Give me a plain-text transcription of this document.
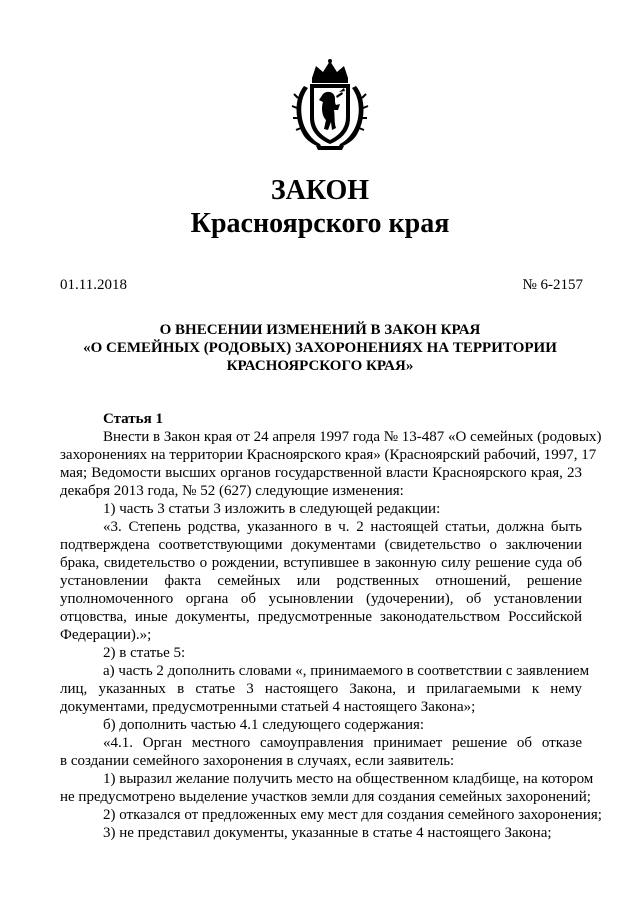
ЗАКОН
Красноярского края
01.11.2018	№ 6-2157
О ВНЕСЕНИИ ИЗМЕНЕНИЙ В ЗАКОН КРАЯ
«О СЕМЕЙНЫХ (РОДОВЫХ) ЗАХОРОНЕНИЯХ НА ТЕРРИТОРИИ
КРАСНОЯРСКОГО КРАЯ»
Статья 1
Внести в Закон края от 24 апреля 1997 года № 13-487 «О семейных (родовых)
захоронениях на территории Красноярского края» (Красноярский рабочий, 1997, 17
мая; Ведомости высших органов государственной власти Красноярского края, 23
декабря 2013 года, № 52 (627) следующие изменения:
1) часть 3 статьи 3 изложить в следующей редакции:
«3. Степень родства, указанного в ч. 2 настоящей статьи, должна быть
подтверждена соответствующими документами (свидетельство о заключении
брака, свидетельство о рождении, вступившее в законную силу решение суда об
установлении факта семейных или родственных отношений, решение
уполномоченного органа об усыновлении (удочерении), об установлении
отцовства, иные документы, предусмотренные законодательством Российской
Федерации).»;
2) в статье 5:
а) часть 2 дополнить словами «, принимаемого в соответствии с заявлением
лиц, указанных в статье 3 настоящего Закона, и прилагаемыми к нему
документами, предусмотренными статьей 4 настоящего Закона»;
б) дополнить частью 4.1 следующего содержания:
«4.1. Орган местного самоуправления принимает решение об отказе
в создании семейного захоронения в случаях, если заявитель:
1) выразил желание получить место на общественном кладбище, на котором
не предусмотрено выделение участков земли для создания семейных захоронений;
2) отказался от предложенных ему мест для создания семейного захоронения;
3) не представил документы, указанные в статье 4 настоящего Закона;
